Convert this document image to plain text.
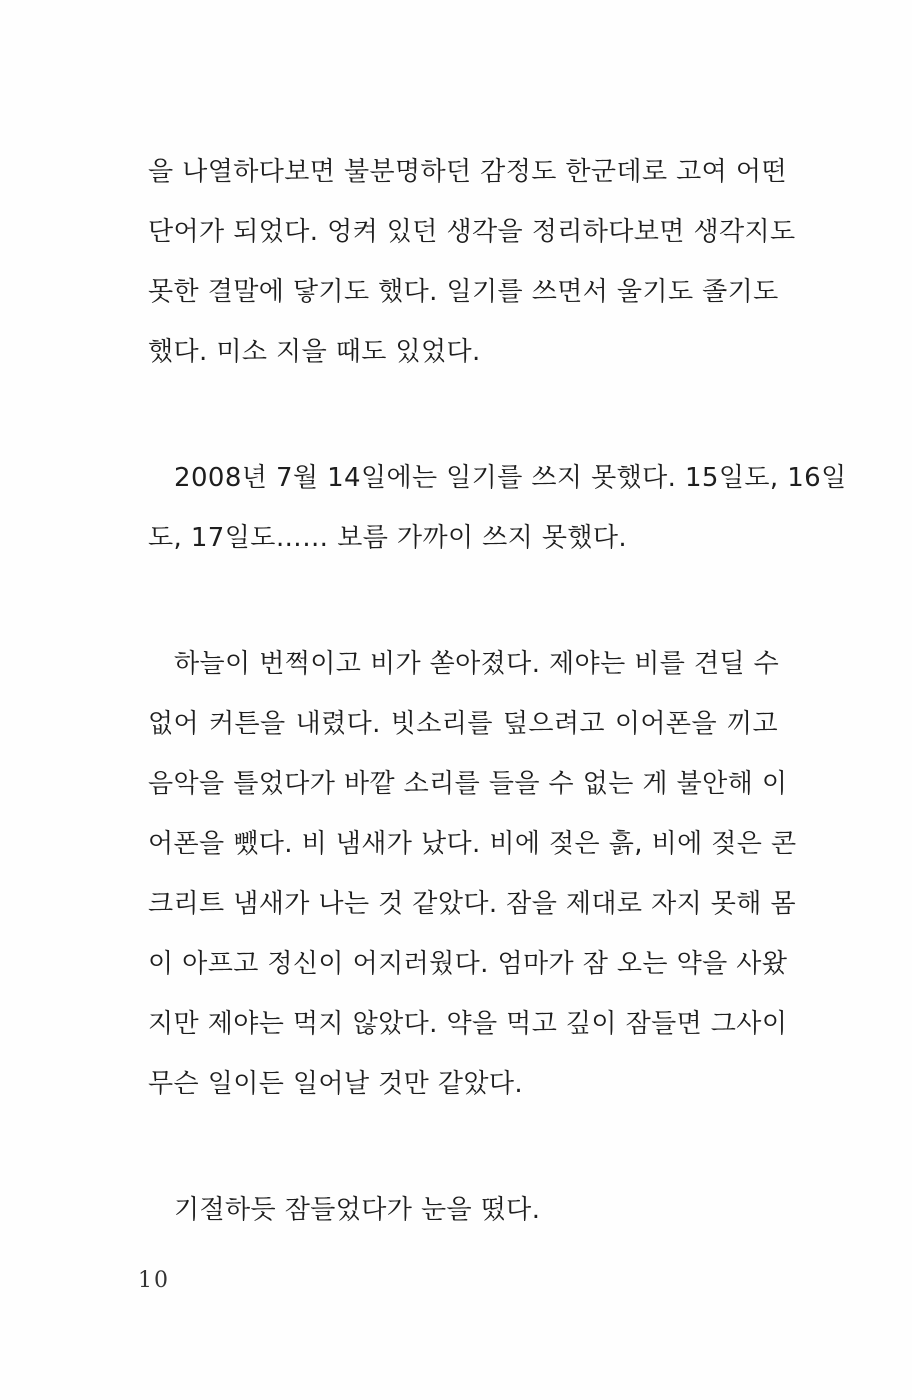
을 나열하다보면 불분명하던 감정도 한군데로 고여 어떤
단어가 되었다. 엉켜 있던 생각을 정리하다보면 생각지도
못한 결말에 닿기도 했다. 일기를 쓰면서 울기도 졸기도
했다. 미소 지을 때도 있었다.

2008년 7월 14일에는 일기를 쓰지 못했다. 15일도, 16일
도, 17일도…… 보름 가까이 쓰지 못했다.

하늘이 번쩍이고 비가 쏟아졌다. 제야는 비를 견딜 수
없어 커튼을 내렸다. 빗소리를 덮으려고 이어폰을 끼고
음악을 틀었다가 바깥 소리를 들을 수 없는 게 불안해 이
어폰을 뺐다. 비 냄새가 났다. 비에 젖은 흙, 비에 젖은 콘
크리트 냄새가 나는 것 같았다. 잠을 제대로 자지 못해 몸
이 아프고 정신이 어지러웠다. 엄마가 잠 오는 약을 사왔
지만 제야는 먹지 않았다. 약을 먹고 깊이 잠들면 그사이
무슨 일이든 일어날 것만 같았다.

기절하듯 잠들었다가 눈을 떴다.

10
